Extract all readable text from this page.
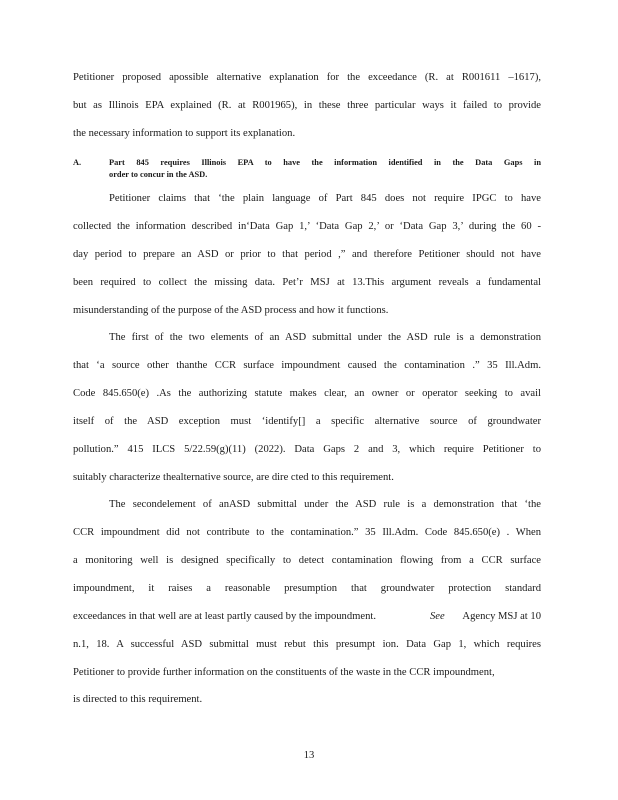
Petitioner proposed apossible alternative explanation for the exceedance (R. at R001611 –1617),
but as Illinois EPA explained (R. at R001965), in these three particular ways it failed to provide
the necessary information to support its explanation.
A.	Part 845 requires Illinois EPA to have the information identified in the Data Gaps in
order to concur in the ASD.
Petitioner claims that ‘the plain language of Part 845 does not require IPGC to have
collected the information described in‘Data Gap 1,’ ‘Data Gap 2,’ or ‘Data Gap 3,’ during the 60 -
day period to prepare an ASD or prior to that period ,” and therefore Petitioner should not have
been required to collect the missing data. Pet’r MSJ at 13.This argument reveals a fundamental
misunderstanding of the purpose of the ASD process and how it functions.
The first of the two elements of an ASD submittal under the ASD rule is a demonstration
that ‘a source other thanthe CCR surface impoundment caused the contamination .” 35 Ill.Adm.
Code 845.650(e) .As the authorizing statute makes clear, an owner or operator seeking to avail
itself of the ASD exception must ‘identify[] a specific alternative source of groundwater
pollution.” 415 ILCS 5/22.59(g)(11) (2022). Data Gaps 2 and 3, which require Petitioner to
suitably characterize thealternative source, are dire cted to this requirement.
The secondelement of anASD submittal under the ASD rule is a demonstration that ‘the
CCR impoundment did not contribute to the contamination.” 35 Ill.Adm. Code 845.650(e) . When
a monitoring well is designed specifically to detect contamination flowing from a CCR surface
impoundment, it raises a reasonable presumption that groundwater protection standard
exceedances in that well are at least partly caused by the impoundment.	See Agency MSJ at 10
n.1, 18. A successful ASD submittal must rebut this presumpt ion. Data Gap 1, which requires
Petitioner to provide further information on the constituents of the waste in the CCR impoundment,
is directed to this requirement.
13
